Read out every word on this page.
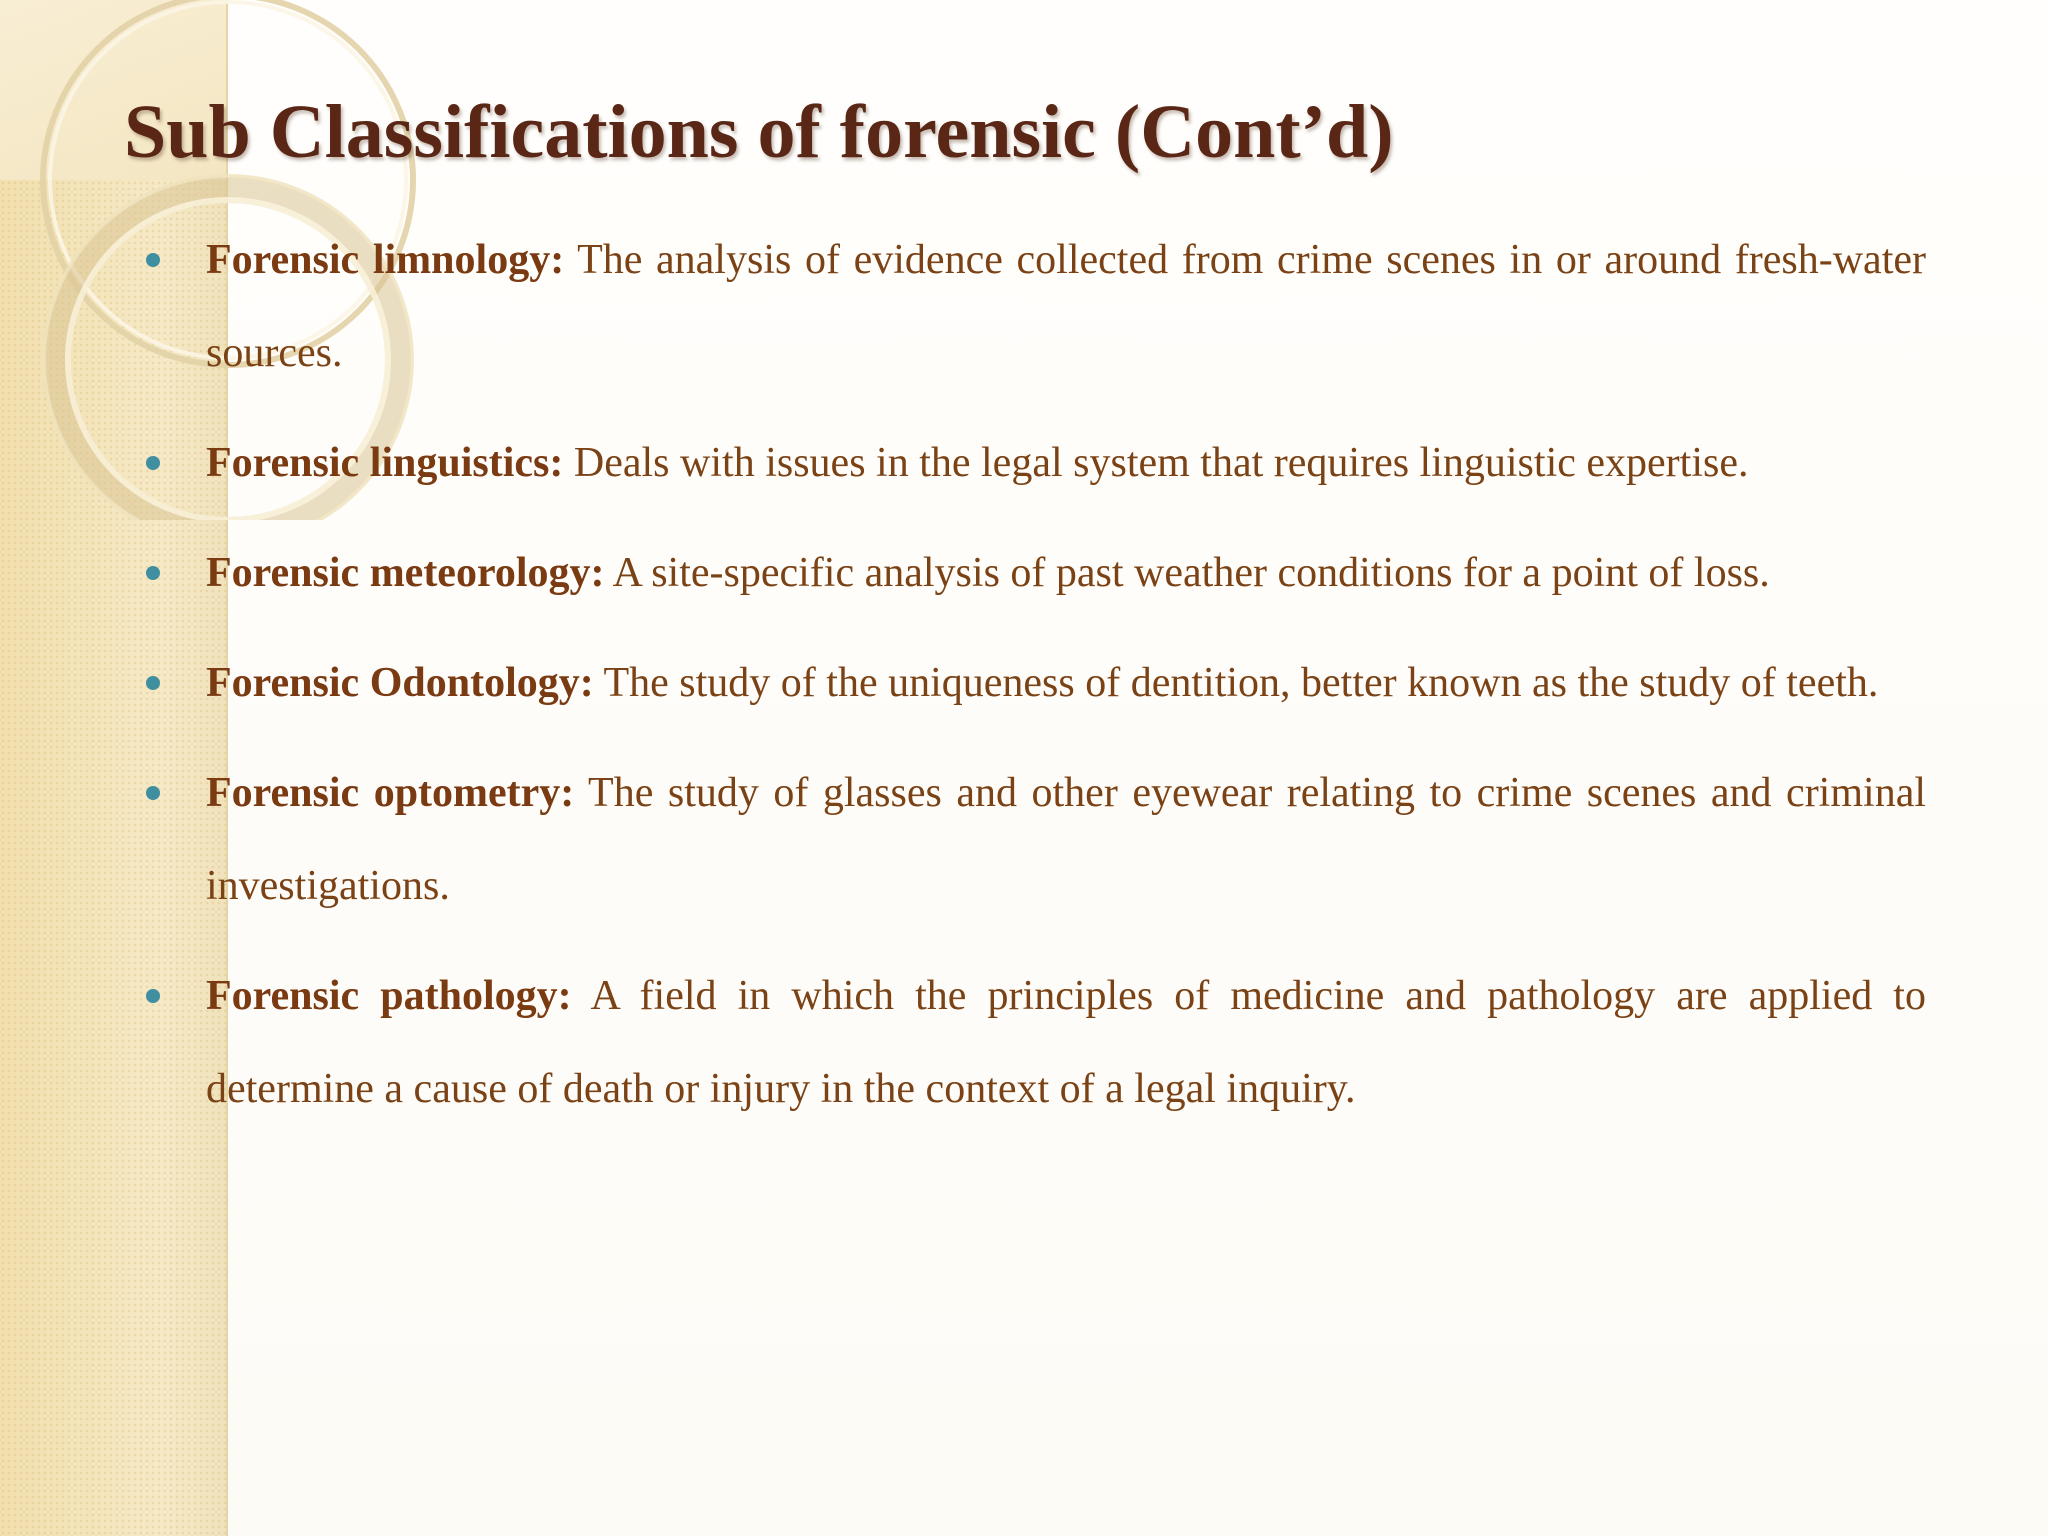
Sub Classifications of forensic (Cont’d)
Forensic limnology: The analysis of evidence collected from crime scenes in or around fresh-water sources.
Forensic linguistics: Deals with issues in the legal system that requires linguistic expertise.
Forensic meteorology: A site-specific analysis of past weather conditions for a point of loss.
Forensic Odontology: The study of the uniqueness of dentition, better known as the study of teeth.
Forensic optometry: The study of glasses and other eyewear relating to crime scenes and criminal investigations.
Forensic pathology: A field in which the principles of medicine and pathology are applied to determine a cause of death or injury in the context of a legal inquiry.
